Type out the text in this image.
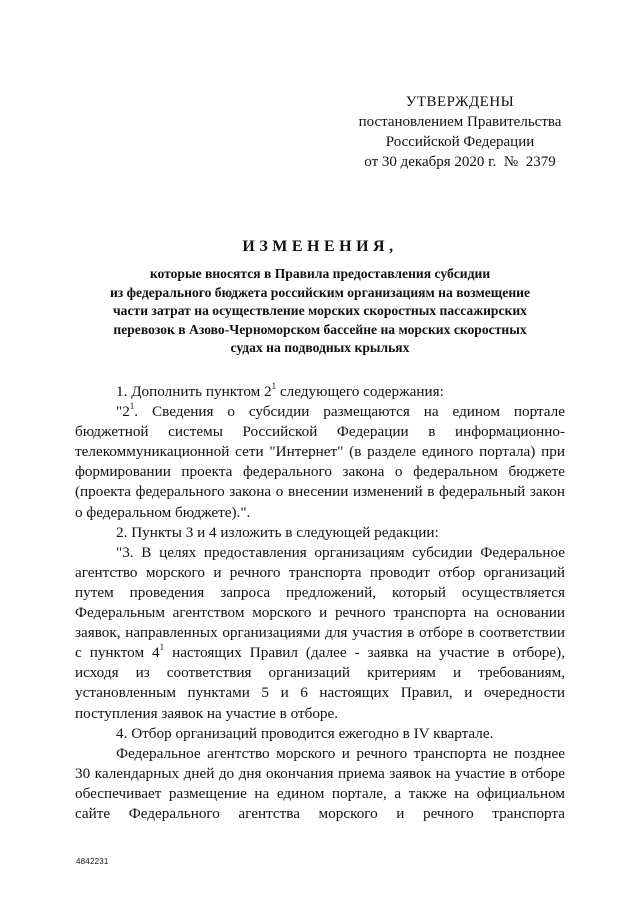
УТВЕРЖДЕНЫ
постановлением Правительства
Российской Федерации
от 30 декабря 2020 г.  №  2379
ИЗМЕНЕНИЯ,
которые вносятся в Правила предоставления субсидии
из федерального бюджета российским организациям на возмещение
части затрат на осуществление морских скоростных пассажирских
перевозок в Азово-Черноморском бассейне на морских скоростных
судах на подводных крыльях

1. Дополнить пунктом $2^1$ следующего содержания:

"$2^1$. Сведения о субсидии размещаются на едином портале бюджетной системы Российской Федерации в информационно-телекоммуникационной сети "Интернет" (в разделе единого портала) при формировании проекта федерального закона о федеральном бюджете (проекта федерального закона о внесении изменений в федеральный закон о федеральном бюджете).".

2. Пункты 3 и 4 изложить в следующей редакции:

"3. В целях предоставления организациям субсидии Федеральное агентство морского и речного транспорта проводит отбор организаций путем проведения запроса предложений, который осуществляется Федеральным агентством морского и речного транспорта на основании заявок, направленных организациями для участия в отборе в соответствии с пунктом $4^1$ настоящих Правил (далее - заявка на участие в отборе), исходя из соответствия организаций критериям и требованиям, установленным пунктами 5 и 6 настоящих Правил, и очередности поступления заявок на участие в отборе.

4. Отбор организаций проводится ежегодно в IV квартале.

Федеральное агентство морского и речного транспорта не позднее 30 календарных дней до дня окончания приема заявок на участие в отборе обеспечивает размещение на едином портале, а также на официальном сайте Федерального агентства морского и речного транспорта

4842231
